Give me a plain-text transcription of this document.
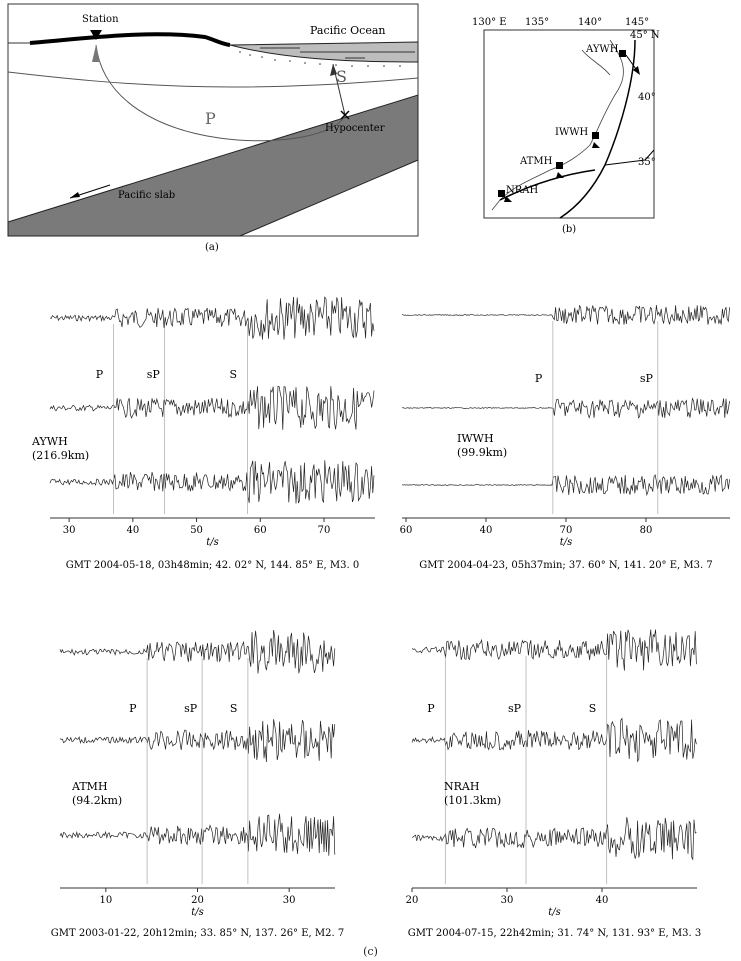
Station
Pacific Ocean
P
S
Hypocenter
Pacific slab
(a)
130° E 135°	140° 145°
45° N
40°
35°
AYWH
IWWH
ATMH
NRAH
(b)
P	sP	S
30	40	50	60	70
t/s
AYWH
(216.9km)
GMT 2004-05-18, 03h48min; 42. 02° N, 144. 85° E, M3. 0
P	sP
60	40	70	80
t/s
IWWH
(99.9km)
GMT 2004-04-23, 05h37min; 37. 60° N, 141. 20° E, M3. 7
P	sP	S
10	20	30
t/s
ATMH
(94.2km)
GMT 2003-01-22, 20h12min; 33. 85° N, 137. 26° E, M2. 7
P	sP	S
20	30	40
t/s
NRAH
(101.3km)
GMT 2004-07-15, 22h42min; 31. 74° N, 131. 93° E, M3. 3
(c)
